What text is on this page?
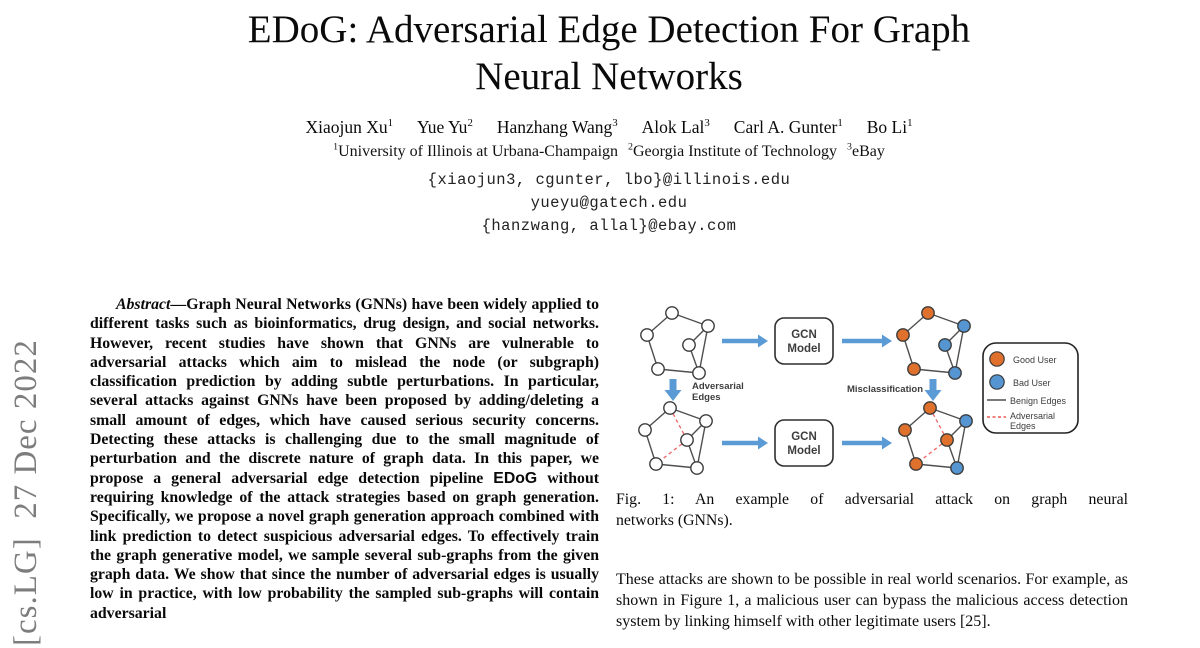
[cs.LG]  27 Dec 2022
EDoG: Adversarial Edge Detection For Graph
Neural Networks
Xiaojun Xu$^1$ Yue Yu$^2$ Hanzhang Wang$^3$ Alok Lal$^3$ Carl A. Gunter$^1$ Bo Li$^1$
$^1$University of Illinois at Urbana-Champaign $^2$Georgia Institute of Technology $^3$eBay
{xiaojun3, cgunter, lbo}@illinois.edu
yueyu@gatech.edu
{hanzwang, allal}@ebay.com

Abstract—Graph Neural Networks (GNNs) have been widely applied to different tasks such as bioinformatics, drug design, and social networks. However, recent studies have shown that GNNs are vulnerable to adversarial attacks which aim to mislead the node (or subgraph) classification prediction by adding subtle perturbations. In particular, several attacks against GNNs have been proposed by adding/deleting a small amount of edges, which have caused serious security concerns. Detecting these attacks is challenging due to the small magnitude of perturbation and the discrete nature of graph data. In this paper, we propose a general adversarial edge detection pipeline EDoG without requiring knowledge of the attack strategies based on graph generation. Specifically, we propose a novel graph generation approach combined with link prediction to detect suspicious adversarial edges. To effectively train the graph generative model, we sample several sub-graphs from the given graph data. We show that since the number of adversarial edges is usually low in practice, with low probability the sampled sub-graphs will contain adversarial

GCN
Model
GCN
Model
Adversarial
Edges
Misclassification
Good User
Bad User
Benign Edges
Adversarial
Edges
Fig. 1: An example of adversarial attack on graph neural
networks (GNNs).

These attacks are shown to be possible in real world scenarios. For example, as shown in Figure 1, a malicious user can bypass the malicious access detection system by linking himself with other legitimate users [25].
